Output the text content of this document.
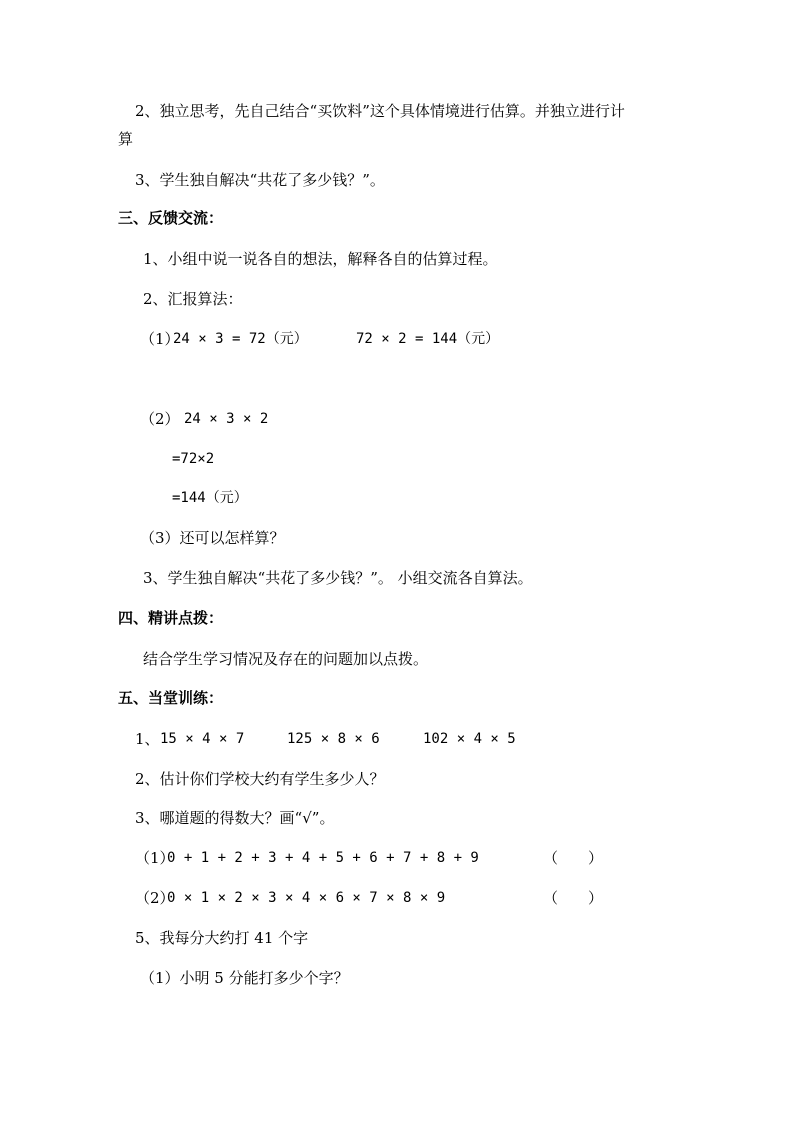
2、独立思考，先自己结合“买饮料”这个具体情境进行估算。并独立进行计
算
3、学生独自解决“共花了多少钱？”。
三、反馈交流：
1、小组中说一说各自的想法，解释各自的估算过程。
2、汇报算法：
（1）
24 × 3 = 72（元）	72 × 2 = 144（元）
（2） 24 × 3 × 2
=72×2
=144（元）
（3）还可以怎样算？
3、学生独自解决“共花了多少钱？”。 小组交流各自算法。
四、精讲点拨：
结合学生学习情况及存在的问题加以点拨。
五、当堂训练：
1、 15 × 4 × 7	125 × 8 × 6	102 × 4 × 5
2、估计你们学校大约有学生多少人？
3、哪道题的得数大？画“√”。
（1）
0 + 1 + 2 + 3 + 4 + 5 + 6 + 7 + 8 + 9	（　　）
（2）
0 × 1 × 2 × 3 × 4 × 6 × 7 × 8 × 9	（　　）
5、我每分大约打 41 个字
（1）小明 5 分能打多少个字？
